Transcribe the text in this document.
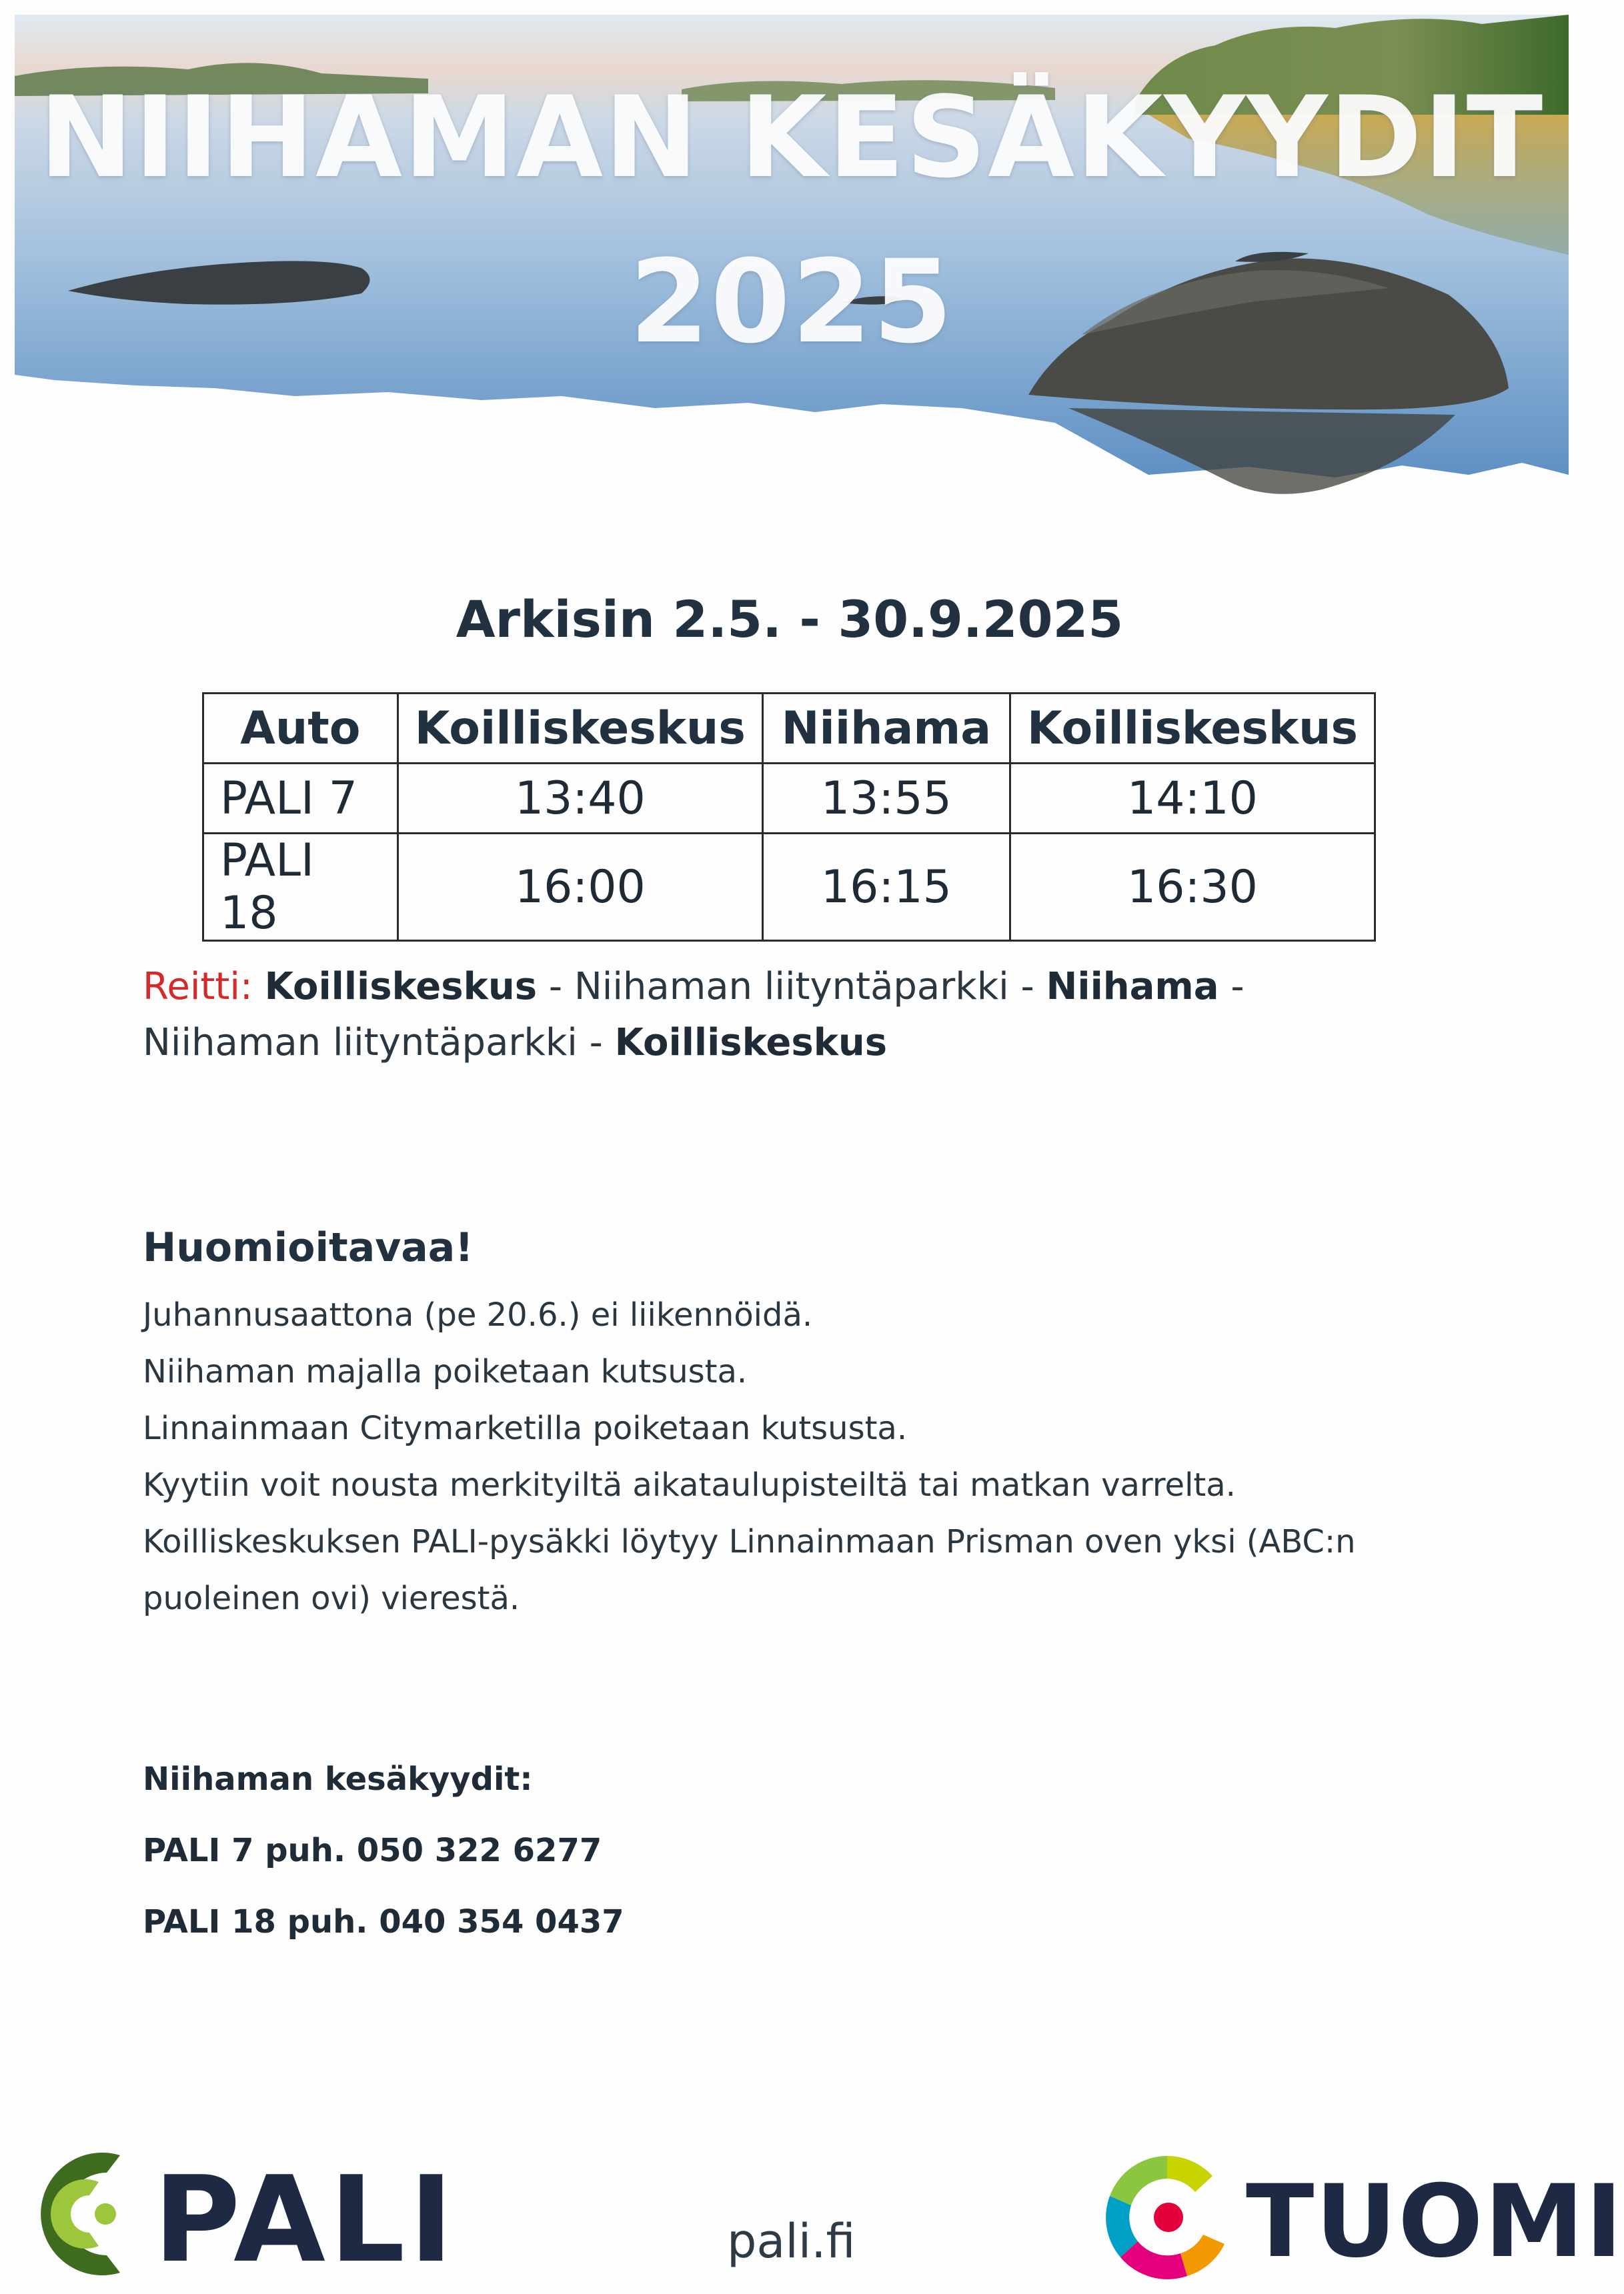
NIIHAMAN KESÄKYYDIT
2025
Arkisin 2.5. - 30.9.2025
Auto	Koilliskeskus	Niihama	Koilliskeskus
PALI 7	13:40	13:55	14:10
PALI 18	16:00	16:15	16:30
Reitti: Koilliskeskus - Niihaman liityntäparkki - Niihama - Niihaman liityntäparkki - Koilliskeskus
Huomioitavaa!
Juhannusaattona (pe 20.6.) ei liikennöidä.
Niihaman majalla poiketaan kutsusta.
Linnainmaan Citymarketilla poiketaan kutsusta.
Kyytiin voit nousta merkityiltä aikataulupisteiltä tai matkan varrelta.
Koilliskeskuksen PALI-pysäkki löytyy Linnainmaan Prisman oven yksi (ABC:n
puoleinen ovi) vierestä.
Niihaman kesäkyydit:
PALI 7 puh. 050 322 6277
PALI 18 puh. 040 354 0437
PALI	pali.fi	TUOMI
